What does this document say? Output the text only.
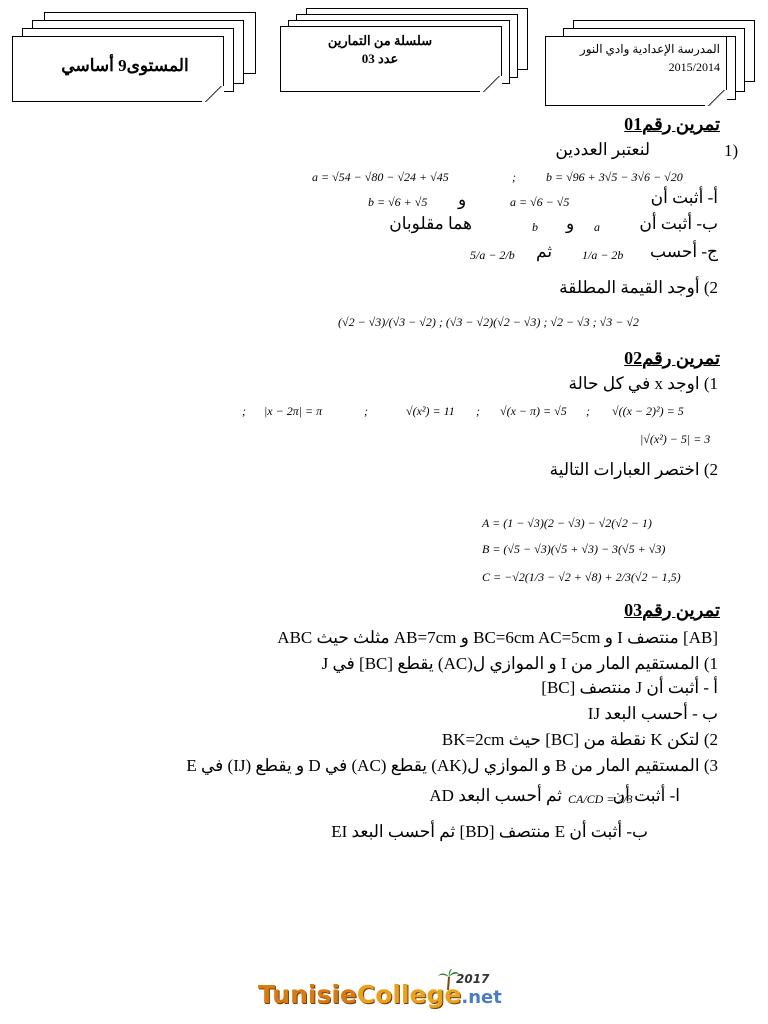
المستوى9 أساسي
سلسلة من التمارين
عدد 03
المدرسة الإعدادية وادي النور
2015/2014
تمرين رقم01
1)
لنعتبر العددين
a = √54 − √80 − √24 + √45	;	b = √96 + 3√5 − 3√6 − √20
أ- أثبت أن
a = √6 − √5
و
b = √6 + √5
ب- أثبت أن
a
و
b
هما مقلوبان
ج- أحسب
1/a − 2b
ثم
5/a − 2/b
2) أوجد القيمة المطلقة
(√2 − √3)/(√3 − √2) ; (√3 − √2)(√2 − √3) ; √2 − √3 ; √3 − √2
تمرين رقم02
1) اوجد x في كل حالة
√((x − 2)²) = 5
;
√(x − π) = √5
;
√(x²) = 11
;
|x − 2π| = π
;
|√(x²) − 5| = 3
2) اختصر العبارات التالية
A = (1 − √3)(2 − √3) − √2(√2 − 1)
B = (√5 − √3)(√5 + √3) − 3(√5 + √3)
C = −√2(1/3 − √2 + √8) + 2/3(√2 − 1,5)
تمرين رقم03
ABC مثلث حيث AB=7cm و BC=6cm AC=5cm و I منتصف [AB]
1) المستقيم المار من I و الموازي ل(AC) يقطع [BC] في J
أ - أثبت أن J منتصف [BC]
ب - أحسب البعد IJ
2) لتكن K نقطة من [BC] حيث BK=2cm
3) المستقيم المار من B و الموازي ل(AK) يقطع (AC) في D و يقطع (IJ) في E
ا- أثبت أن
CA/CD = 2/3
ثم أحسب البعد AD
ب- أثبت أن E منتصف [BD] ثم أحسب البعد EI
TunisieCollege.net
2017
